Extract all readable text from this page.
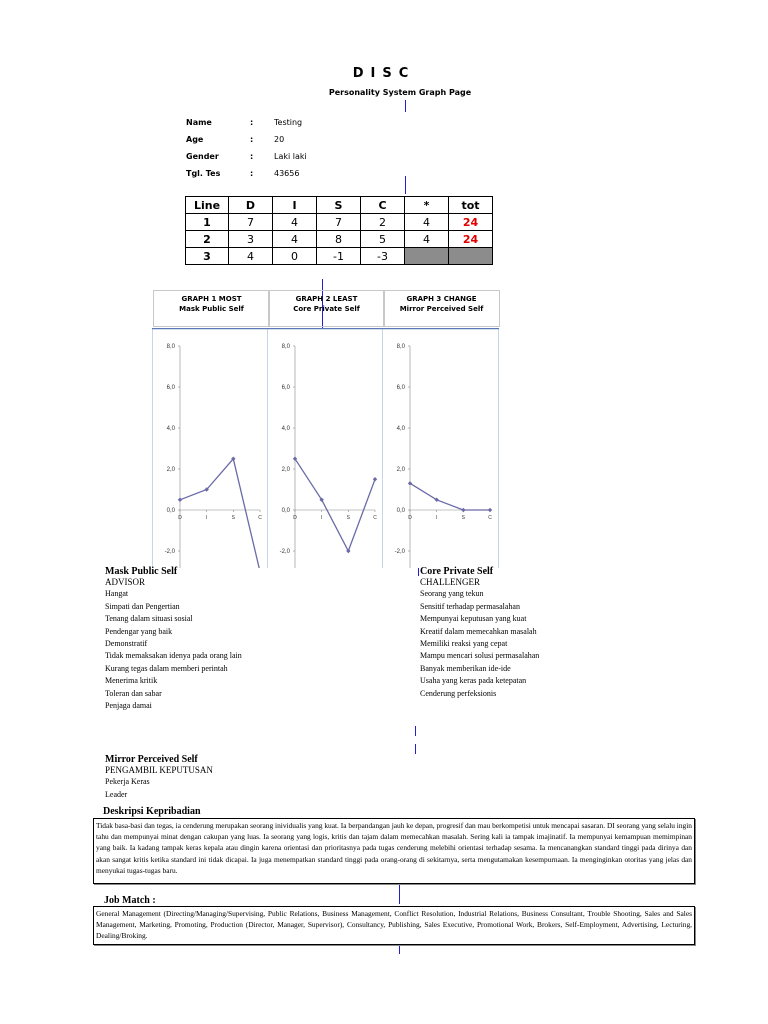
DISC
Personality System Graph Page
Name	:	Testing
Age	:	20
Gender	:	Laki laki
Tgl. Tes	:	43656
Line	D	I	S	C	*	tot
1	7	4	7	2	4	24
2	3	4	8	5	4	24
3	4	0	-1	-3		
GRAPH 1 MOST
Mask Public Self
GRAPH 2 LEAST
Core Private Self
GRAPH 3 CHANGE
Mirror Perceived Self
8,0
6,0
4,0
2,0
0,0
-2,0
D	I	S	C
8,0
6,0
4,0
2,0
0,0
-2,0
D	I	S	C
8,0
6,0
4,0
2,0
0,0
-2,0
D	I	S	C
Mask Public Self
ADVISOR
Hangat
Simpati dan Pengertian
Tenang dalam situasi sosial
Pendengar yang baik
Demonstratif
Tidak memaksakan idenya pada orang lain
Kurang tegas dalam memberi perintah
Menerima kritik
Toleran dan sabar
Penjaga damai
Core Private Self
CHALLENGER
Seorang yang tekun
Sensitif terhadap permasalahan
Mempunyai keputusan yang kuat
Kreatif dalam memecahkan masalah
Memiliki reaksi yang cepat
Mampu mencari solusi permasalahan
Banyak memberikan ide-ide
Usaha yang keras pada ketepatan
Cenderung perfeksionis
Mirror Perceived Self
PENGAMBIL KEPUTUSAN
Pekerja Keras
Leader
Deskripsi Kepribadian
Tidak basa-basi dan tegas, ia cenderung merupakan seorang inividualis yang kuat. Ia berpandangan jauh ke depan, progresif dan mau berkompetisi untuk mencapai sasaran. DI seorang yang selalu ingin tahu dan mempunyai minat dengan cakupan yang luas. Ia seorang yang logis, kritis dan tajam dalam memecahkan masalah. Sering kali ia tampak imajinatif. Ia mempunyai kemampuan memimpinan yang baik. Ia kadang tampak keras kepala atau dingin karena orientasi dan prioritasnya pada tugas cenderung melebihi orientasi terhadap sesama. Ia mencanangkan standard tinggi pada dirinya dan akan sangat kritis ketika standard ini tidak dicapai. Ia juga menempatkan standard tinggi pada orang-orang di sekitarnya, serta mengutamakan kesempurnaan. Ia menginginkan otoritas yang jelas dan menyukai tugas-tugas baru.
Job Match :
General Management (Directing/Managing/Supervising, Public Relations, Business Management, Conflict Resolution, Industrial Relations, Business Consultant, Trouble Shooting, Sales and Sales Management, Marketing, Promoting, Production (Director, Manager, Supervisor), Consultancy, Publishing, Sales Executive, Promotional Work, Brokers, Self-Employment, Advertising, Lecturing, Dealing/Broking.
